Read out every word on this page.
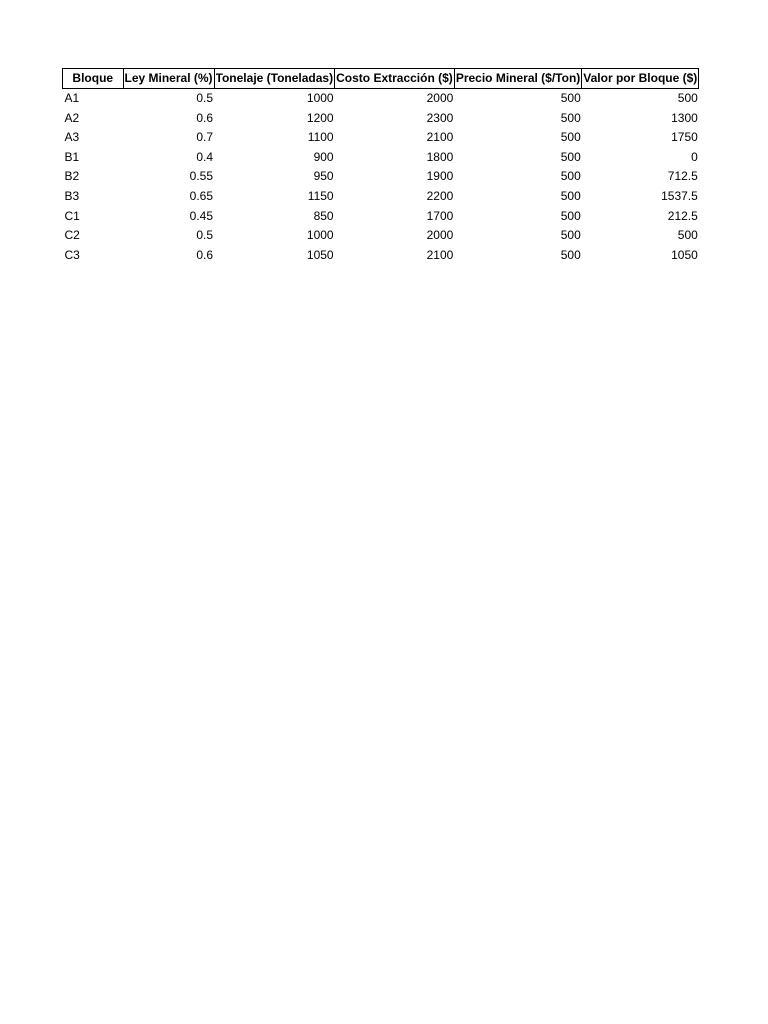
Bloque	Ley Mineral (%)	Tonelaje (Toneladas)	Costo Extracción ($)	Precio Mineral ($/Ton)	Valor por Bloque ($)
A1	0.5	1000	2000	500	500
A2	0.6	1200	2300	500	1300
A3	0.7	1100	2100	500	1750
B1	0.4	900	1800	500	0
B2	0.55	950	1900	500	712.5
B3	0.65	1150	2200	500	1537.5
C1	0.45	850	1700	500	212.5
C2	0.5	1000	2000	500	500
C3	0.6	1050	2100	500	1050
